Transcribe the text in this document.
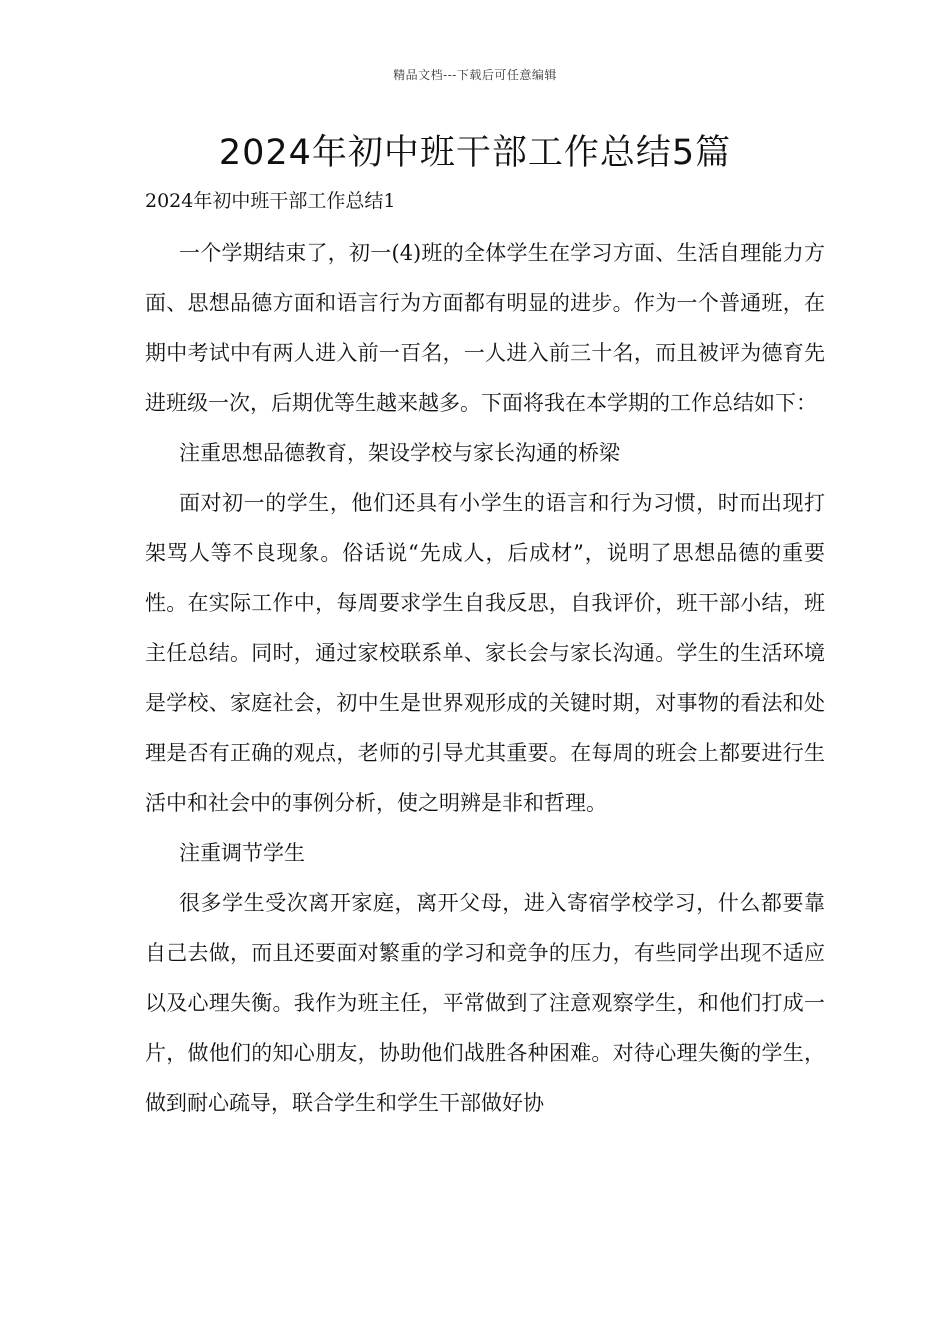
精品文档---下载后可任意编辑
2024年初中班干部工作总结5篇

2024年初中班干部工作总结1

一个学期结束了，初一(4)班的全体学生在学习方面、生活自理能力方面、思想品德方面和语言行为方面都有明显的进步。作为一个普通班，在期中考试中有两人进入前一百名，一人进入前三十名，而且被评为德育先进班级一次，后期优等生越来越多。下面将我在本学期的工作总结如下：

注重思想品德教育，架设学校与家长沟通的桥梁

面对初一的学生，他们还具有小学生的语言和行为习惯，时而出现打架骂人等不良现象。俗话说“先成人，后成材”，说明了思想品德的重要性。在实际工作中，每周要求学生自我反思，自我评价，班干部小结，班主任总结。同时，通过家校联系单、家长会与家长沟通。学生的生活环境是学校、家庭社会，初中生是世界观形成的关键时期，对事物的看法和处理是否有正确的观点，老师的引导尤其重要。在每周的班会上都要进行生活中和社会中的事例分析，使之明辨是非和哲理。

注重调节学生

很多学生受次离开家庭，离开父母，进入寄宿学校学习，什么都要靠自己去做，而且还要面对繁重的学习和竞争的压力，有些同学出现不适应以及心理失衡。我作为班主任，平常做到了注意观察学生，和他们打成一片，做他们的知心朋友，协助他们战胜各种困难。对待心理失衡的学生，做到耐心疏导，联合学生和学生干部做好协
